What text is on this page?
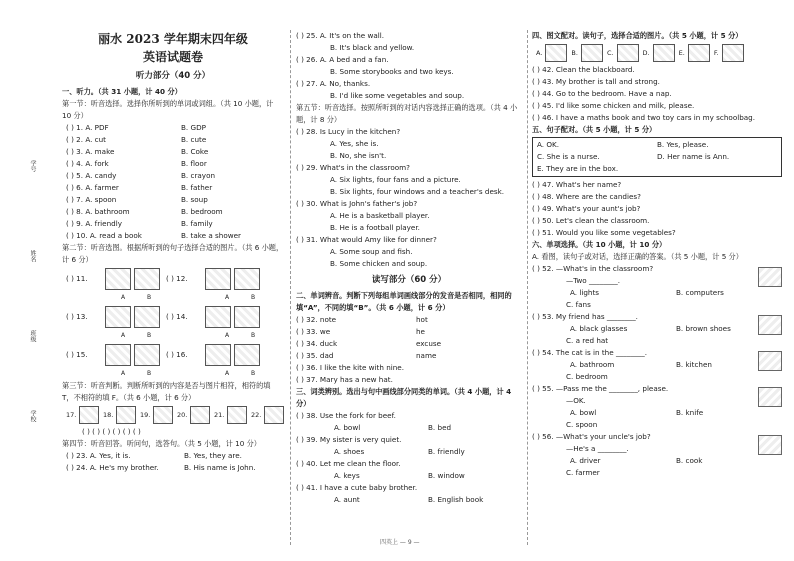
学号
姓名
班级
学校
丽水 2023 学年期末四年级
英语试题卷
听力部分（40 分）
一、听力。（共 31 小题，计 40 分）
第一节：听音选择。选择你所听到的单词或词组。（共 10 小题，计 10 分）
( ) 1. A. PDF	B. GDP
( ) 2. A. cut	B. cute
( ) 3. A. make	B. Coke
( ) 4. A. fork	B. floor
( ) 5. A. candy	B. crayon
( ) 6. A. farmer	B. father
( ) 7. A. spoon	B. soup
( ) 8. A. bathroom	B. bedroom
( ) 9. A. friendly	B. family
( ) 10. A. read a book	B. take a shower
第二节：听音选图。根据所听到的句子选择合适的图片。（共 6 小题，计 6 分）
( ) 11.	( ) 12.
A	B	A	B
( ) 13.	( ) 14.
A	B	A	B
( ) 15.	( ) 16.
A	B	A	B
第三节：听音判断。判断所听到的内容是否与图片相符，相符的填 T，不相符的填 F。（共 6 小题，计 6 分）
17.	18.	19.	20.	21.	22.
( ) ( ) ( ) ( ) ( ) ( )
第四节：听音回答。听问句，选答句。（共 5 小题，计 10 分）
( ) 23. A. Yes, it is.	B. Yes, they are.
( ) 24. A. He's my brother.	B. His name is John.
( ) 25. A. It's on the wall.
B. It's black and yellow.
( ) 26. A. A bed and a fan.
B. Some storybooks and two keys.
( ) 27. A. No, thanks.
B. I'd like some vegetables and soup.
第五节：听音选择。按照所听到的对话内容选择正确的选项。（共 4 小题，计 8 分）
( ) 28. Is Lucy in the kitchen?
A. Yes, she is.
B. No, she isn't.
( ) 29. What's in the classroom?
A. Six lights, four fans and a picture.
B. Six lights, four windows and a teacher's desk.
( ) 30. What is John's father's job?
A. He is a basketball player.
B. He is a football player.
( ) 31. What would Amy like for dinner?
A. Some soup and fish.
B. Some chicken and soup.
读写部分（60 分）
二、单词辨音。判断下列每组单词画线部分的发音是否相同，相同的填“A”，不同的填“B”。（共 6 小题，计 6 分）
( ) 32. note	hot
( ) 33. we	he
( ) 34. duck	excuse
( ) 35. dad	name
( ) 36. I like the kite with nine.
( ) 37. Mary has a new hat.
三、词类辨别。选出与句中画线部分同类的单词。（共 4 小题，计 4 分）
( ) 38. Use the fork for beef.
A. bowl	B. bed
( ) 39. My sister is very quiet.
A. shoes	B. friendly
( ) 40. Let me clean the floor.
A. keys	B. window
( ) 41. I have a cute baby brother.
A. aunt	B. English book
四、图文配对。读句子，选择合适的图片。（共 5 小题，计 5 分）
A.	B.	C.	D.	E.	F.
( ) 42. Clean the blackboard.
( ) 43. My brother is tall and strong.
( ) 44. Go to the bedroom. Have a nap.
( ) 45. I'd like some chicken and milk, please.
( ) 46. I have a maths book and two toy cars in my schoolbag.
五、句子配对。（共 5 小题，计 5 分）
A. OK.	B. Yes, please.
C. She is a nurse.	D. Her name is Ann.
E. They are in the box.
( ) 47. What's her name?
( ) 48. Where are the candies?
( ) 49. What's your aunt's job?
( ) 50. Let's clean the classroom.
( ) 51. Would you like some vegetables?
六、单项选择。（共 10 小题，计 10 分）
A. 看图，读句子或对话，选择正确的答案。（共 5 小题，计 5 分）
( ) 52. —What's in the classroom?
—Two ________.
A. lights	B. computers
C. fans
( ) 53. My friend has ________.
A. black glasses	B. brown shoes
C. a red hat
( ) 54. The cat is in the ________.
A. bathroom	B. kitchen
C. bedroom
( ) 55. —Pass me the ________, please.
—OK.
A. bowl	B. knife
C. spoon
( ) 56. —What's your uncle's job?
—He's a ________.
A. driver	B. cook
C. farmer
四英上 — 9 —
